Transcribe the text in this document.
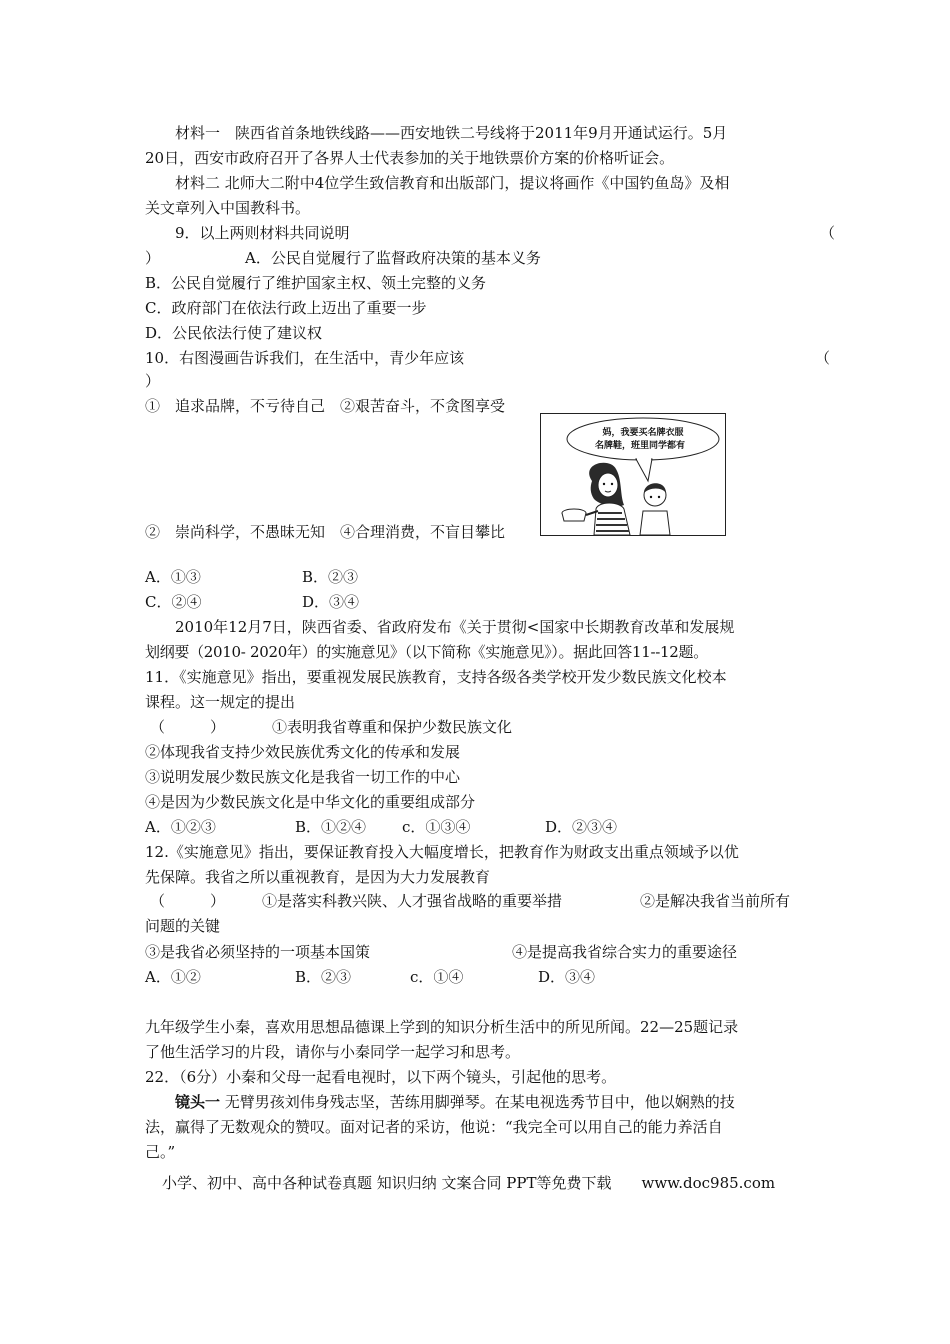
材料一　陕西省首条地铁线路——西安地铁二号线将于2011年9月开通试运行。5月
20日，西安市政府召开了各界人士代表参加的关于地铁票价方案的价格听证会。
材料二 北师大二附中4位学生致信教育和出版部门，提议将画作《中国钓鱼岛》及相
关文章列入中国教科书。
9．以上两则材料共同说明	（
）	A．公民自觉履行了监督政府决策的基本义务
B．公民自觉履行了维护国家主权、领土完整的义务
C．政府部门在依法行政上迈出了重要一步
D．公民依法行使了建议权
10．右图漫画告诉我们，在生活中，青少年应该	（
）
①　追求品牌，不亏待自己　②艰苦奋斗，不贪图享受
妈，我要买名牌衣服
名牌鞋，班里同学都有
②　崇尚科学，不愚昧无知　④合理消费，不盲目攀比
A．①③	B．②③
C．②④	D．③④
2010年12月7日，陕西省委、省政府发布《关于贯彻<国家中长期教育改革和发展规
划纲要（2010- 2020年）的实施意见》（以下简称《实施意见》）。据此回答11--12题。
11．《实施意见》指出，要重视发展民族教育，支持各级各类学校开发少数民族文化校本
课程。这一规定的提出
（　　　）	①表明我省尊重和保护少数民族文化
②体现我省支持少效民族优秀文化的传承和发展
③说明发展少数民族文化是我省一切工作的中心
④是因为少数民族文化是中华文化的重要组成部分
A．①②③	B．①②④ c．①③④	D．②③④
12.《实施意见》指出，要保证教育投入大幅度增长，把教育作为财政支出重点领域予以优
先保障。我省之所以重视教育，是因为大力发展教育
（　　　） ①是落实科教兴陕、人才强省战略的重要举措	②是解决我省当前所有
问题的关键
③是我省必须坚持的一项基本国策	④是提高我省综合实力的重要途径
A．①②	B．②③	c．①④	D．③④
九年级学生小秦，喜欢用思想品德课上学到的知识分析生活中的所见所闻。22—25题记录
了他生活学习的片段，请你与小秦同学一起学习和思考。
22．（6分）小秦和父母一起看电视时，以下两个镜头，引起他的思考。
镜头一 无臂男孩刘伟身残志坚，苦练用脚弹琴。在某电视选秀节目中，他以娴熟的技
法，赢得了无数观众的赞叹。面对记者的采访，他说：“我完全可以用自己的能力养活自
己。”
小学、初中、高中各种试卷真题 知识归纳 文案合同 PPT等免费下载　　www.doc985.com
